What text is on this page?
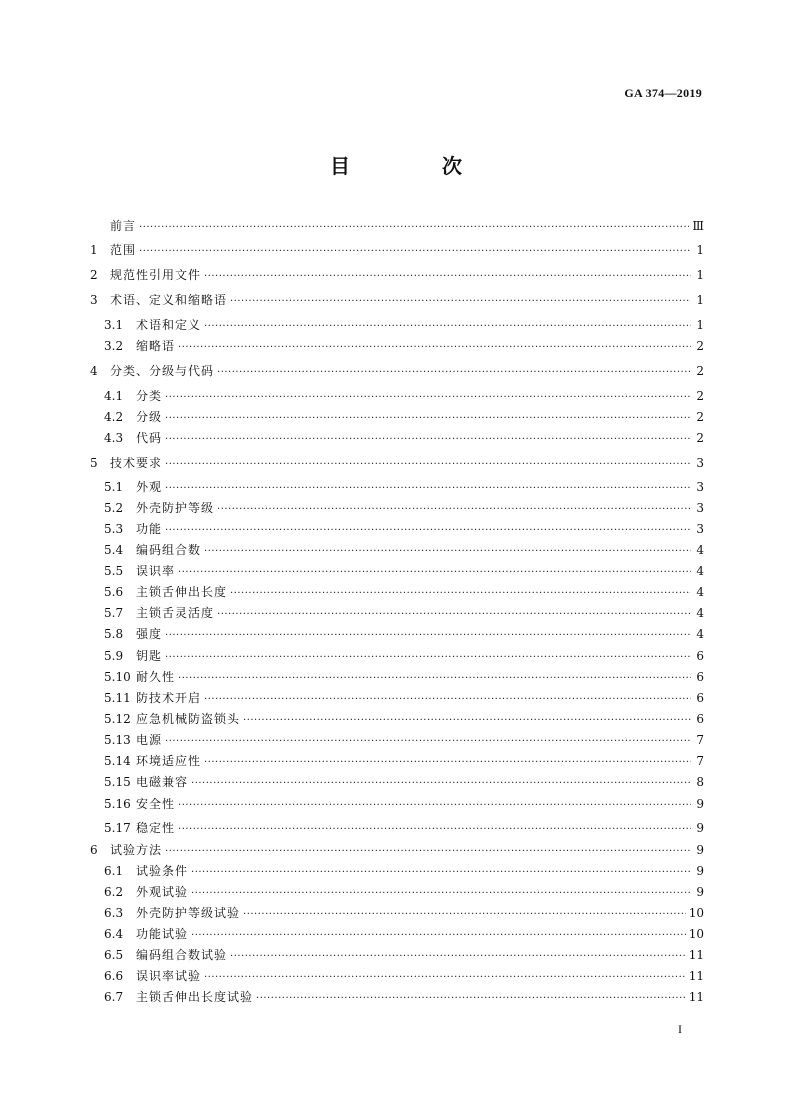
GA 374—2019
目　次
前言 ·····	Ⅲ
1	范围 ·····	1
2	规范性引用文件 ·····	1
3	术语、定义和缩略语 ·····	1
3.1	术语和定义 ·····	1
3.2	缩略语 ·····	2
4	分类、分级与代码 ·····	2
4.1	分类 ·····	2
4.2	分级 ·····	2
4.3	代码 ·····	2
5	技术要求 ·····	3
5.1	外观 ·····	3
5.2	外壳防护等级 ·····	3
5.3	功能 ·····	3
5.4	编码组合数 ·····	4
5.5	误识率 ·····	4
5.6	主锁舌伸出长度 ·····	4
5.7	主锁舌灵活度 ·····	4
5.8	强度 ·····	4
5.9	钥匙 ·····	6
5.10 耐久性 ·····	6
5.11 防技术开启 ·····	6
5.12 应急机械防盗锁头 ·····	6
5.13 电源 ·····	7
5.14 环境适应性 ·····	7
5.15 电磁兼容 ·····	8
5.16 安全性 ·····	9
5.17 稳定性 ·····	9
6	试验方法 ·····	9
6.1	试验条件 ·····	9
6.2	外观试验 ·····	9
6.3	外壳防护等级试验 ·····	10
6.4	功能试验 ·····	10
6.5	编码组合数试验 ·····	11
6.6	误识率试验 ·····	11
6.7	主锁舌伸出长度试验 ·····	11
I
